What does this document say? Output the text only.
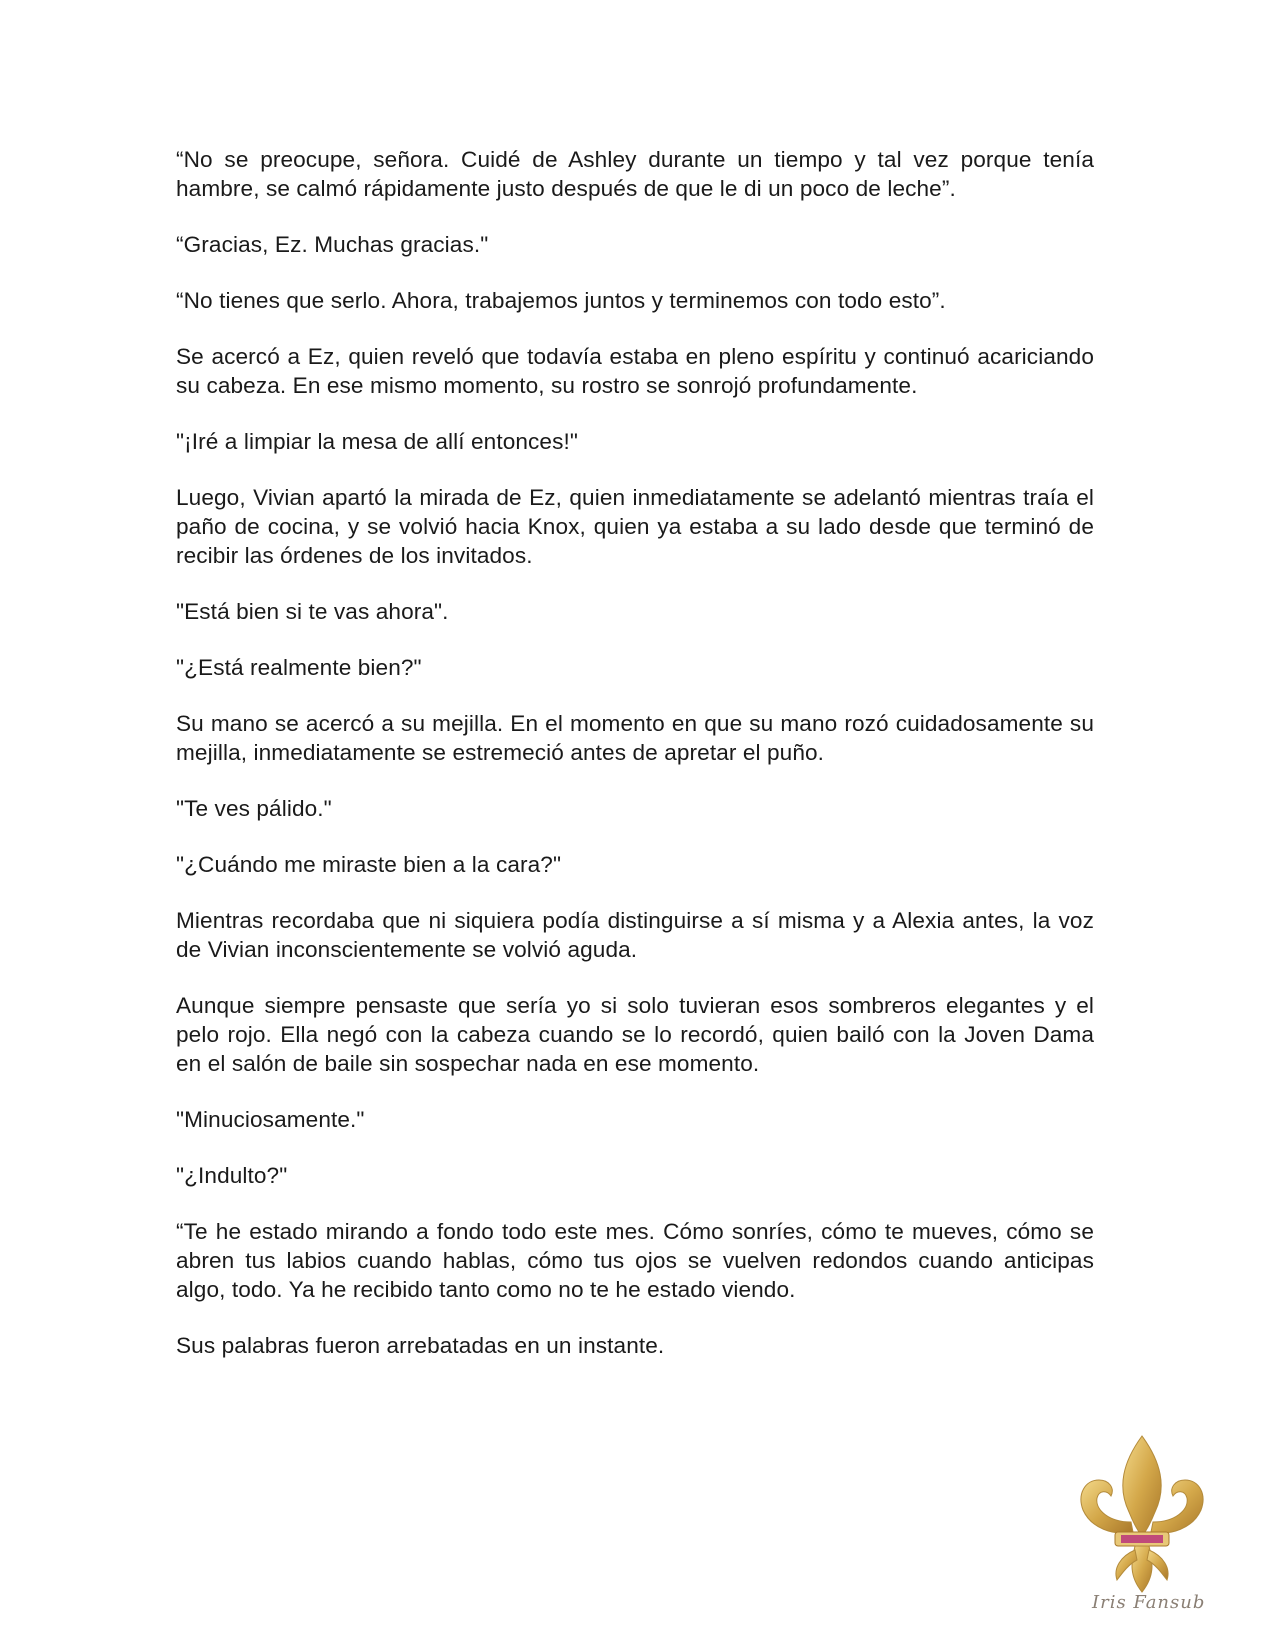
“No se preocupe, señora. Cuidé de Ashley durante un tiempo y tal vez porque tenía hambre, se calmó rápidamente justo después de que le di un poco de leche”.

“Gracias, Ez. Muchas gracias."

“No tienes que serlo. Ahora, trabajemos juntos y terminemos con todo esto”.

Se acercó a Ez, quien reveló que todavía estaba en pleno espíritu y continuó acariciando su cabeza. En ese mismo momento, su rostro se sonrojó profundamente.

"¡Iré a limpiar la mesa de allí entonces!"

Luego, Vivian apartó la mirada de Ez, quien inmediatamente se adelantó mientras traía el paño de cocina, y se volvió hacia Knox, quien ya estaba a su lado desde que terminó de recibir las órdenes de los invitados.

"Está bien si te vas ahora".

"¿Está realmente bien?"

Su mano se acercó a su mejilla. En el momento en que su mano rozó cuidadosamente su mejilla, inmediatamente se estremeció antes de apretar el puño.

"Te ves pálido."

"¿Cuándo me miraste bien a la cara?"

Mientras recordaba que ni siquiera podía distinguirse a sí misma y a Alexia antes, la voz de Vivian inconscientemente se volvió aguda.

Aunque siempre pensaste que sería yo si solo tuvieran esos sombreros elegantes y el pelo rojo. Ella negó con la cabeza cuando se lo recordó, quien bailó con la Joven Dama en el salón de baile sin sospechar nada en ese momento.

"Minuciosamente."

"¿Indulto?"

“Te he estado mirando a fondo todo este mes. Cómo sonríes, cómo te mueves, cómo se abren tus labios cuando hablas, cómo tus ojos se vuelven redondos cuando anticipas algo, todo. Ya he recibido tanto como no te he estado viendo.

Sus palabras fueron arrebatadas en un instante.

Iris Fansub
